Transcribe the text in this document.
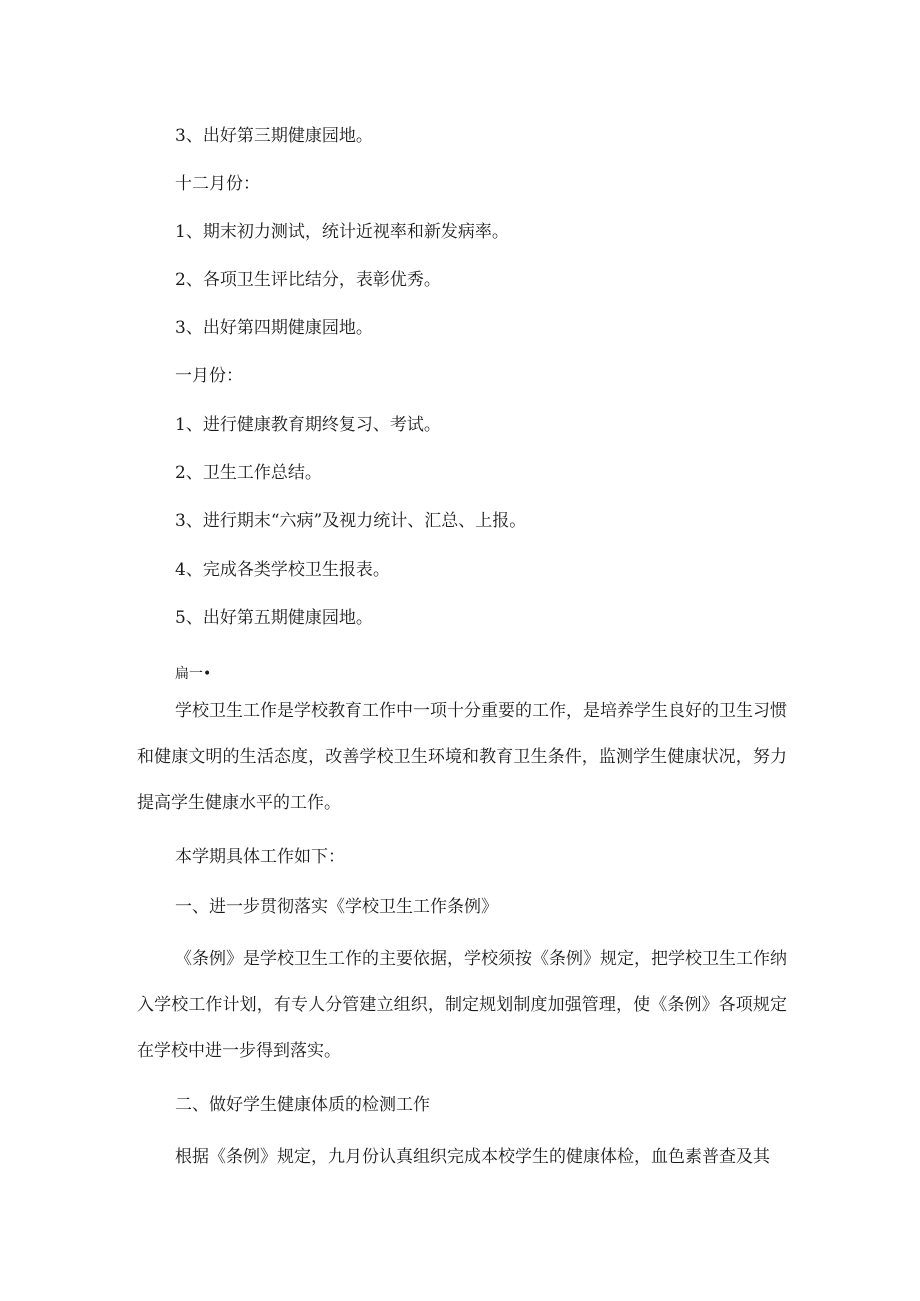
3、出好第三期健康园地。
十二月份：
1、期末初力测试，统计近视率和新发病率。
2、各项卫生评比结分，表彰优秀。
3、出好第四期健康园地。
一月份：
1、进行健康教育期终复习、考试。
2、卫生工作总结。
3、进行期末“六病”及视力统计、汇总、上报。
4、完成各类学校卫生报表。
5、出好第五期健康园地。
扁一•
学校卫生工作是学校教育工作中一项十分重要的工作，是培养学生良好的卫生习惯和健康文明的生活态度，改善学校卫生环境和教育卫生条件，监测学生健康状况，努力提高学生健康水平的工作。
本学期具体工作如下：
一、进一步贯彻落实《学校卫生工作条例》
《条例》是学校卫生工作的主要依据，学校须按《条例》规定，把学校卫生工作纳入学校工作计划，有专人分管建立组织，制定规划制度加强管理，使《条例》各项规定在学校中进一步得到落实。
二、做好学生健康体质的检测工作
根据《条例》规定，九月份认真组织完成本校学生的健康体检，血色素普查及其
